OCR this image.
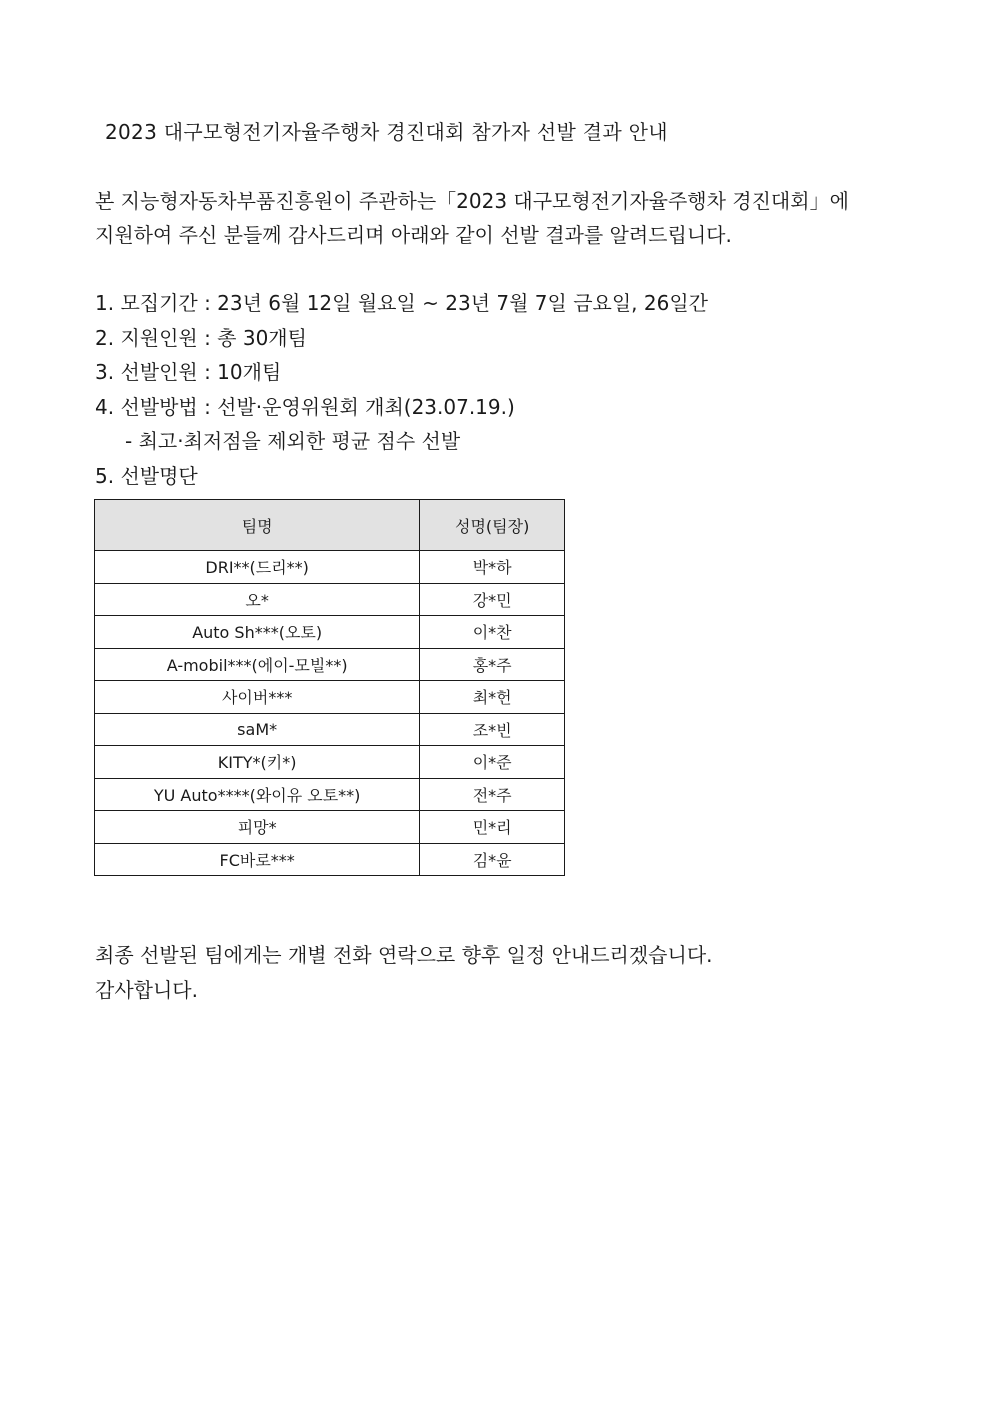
2023 대구모형전기자율주행차 경진대회 참가자 선발 결과 안내
본 지능형자동차부품진흥원이 주관하는「2023 대구모형전기자율주행차 경진대회」에
지원하여 주신 분들께 감사드리며 아래와 같이 선발 결과를 알려드립니다.
1. 모집기간 : 23년 6월 12일 월요일 ~ 23년 7월 7일 금요일, 26일간
2. 지원인원 : 총 30개팀
3. 선발인원 : 10개팀
4. 선발방법 : 선발·운영위원회 개최(23.07.19.)
- 최고·최저점을 제외한 평균 점수 선발
5. 선발명단
팀명	성명(팀장)
DRI**(드리**)	박*하
오*	강*민
Auto Sh***(오토)	이*찬
A-mobil***(에이-모빌**)	홍*주
사이버***	최*헌
saM*	조*빈
KITY*(키*)	이*준
YU Auto****(와이유 오토**)	전*주
피망*	민*리
FC바로***	김*윤
최종 선발된 팀에게는 개별 전화 연락으로 향후 일정 안내드리겠습니다.
감사합니다.
